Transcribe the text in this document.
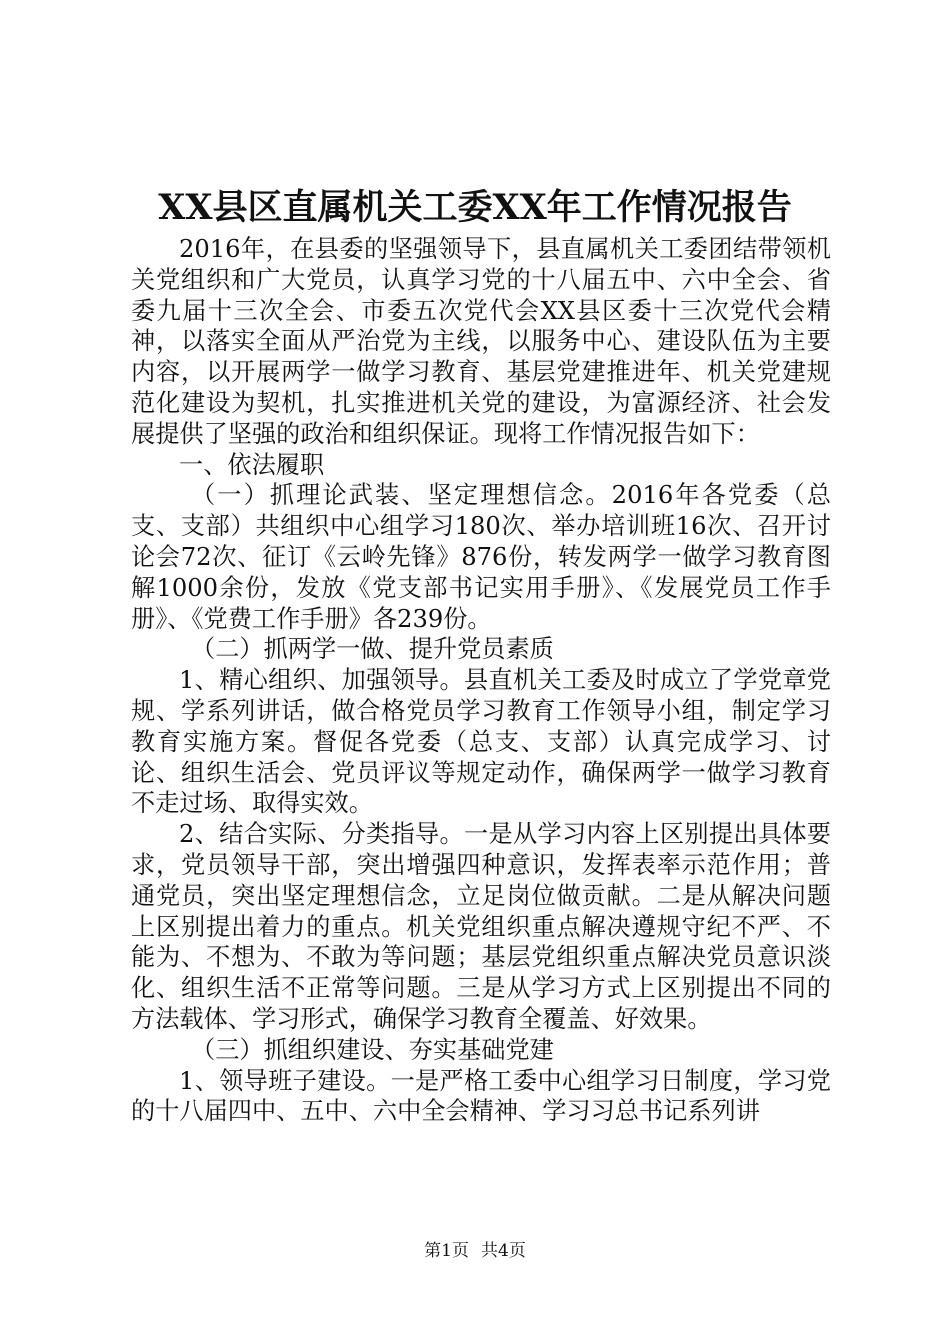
XX县区直属机关工委XX年工作情况报告

2016年，在县委的坚强领导下，县直属机关工委团结带领机关党组织和广大党员，认真学习党的十八届五中、六中全会、省委九届十三次全会、市委五次党代会XX县区委十三次党代会精神，以落实全面从严治党为主线，以服务中心、建设队伍为主要内容，以开展两学一做学习教育、基层党建推进年、机关党建规范化建设为契机，扎实推进机关党的建设，为富源经济、社会发展提供了坚强的政治和组织保证。现将工作情况报告如下：

一、依法履职

（一）抓理论武装、坚定理想信念。2016年各党委（总支、支部）共组织中心组学习180次、举办培训班16次、召开讨论会72次、征订《云岭先锋》876份，转发两学一做学习教育图解1000余份，发放《党支部书记实用手册》、《发展党员工作手册》、《党费工作手册》各239份。

（二）抓两学一做、提升党员素质

1、精心组织、加强领导。县直机关工委及时成立了学党章党规、学系列讲话，做合格党员学习教育工作领导小组，制定学习教育实施方案。督促各党委（总支、支部）认真完成学习、讨论、组织生活会、党员评议等规定动作，确保两学一做学习教育不走过场、取得实效。

2、结合实际、分类指导。一是从学习内容上区别提出具体要求，党员领导干部，突出增强四种意识，发挥表率示范作用；普通党员，突出坚定理想信念，立足岗位做贡献。二是从解决问题上区别提出着力的重点。机关党组织重点解决遵规守纪不严、不能为、不想为、不敢为等问题；基层党组织重点解决党员意识淡化、组织生活不正常等问题。三是从学习方式上区别提出不同的方法载体、学习形式，确保学习教育全覆盖、好效果。

（三）抓组织建设、夯实基础党建

1、领导班子建设。一是严格工委中心组学习日制度，学习党的十八届四中、五中、六中全会精神、学习习总书记系列讲

第1页 共4页
